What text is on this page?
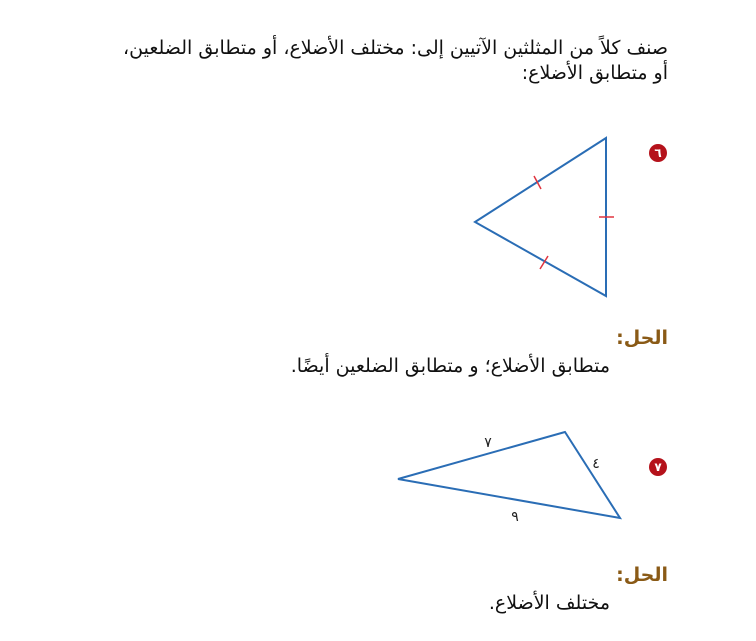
صنف كلاً من المثلثين الآتيين إلى: مختلف الأضلاع، أو متطابق الضلعين، أو متطابق الأضلاع:

٦
الحل:
متطابق الأضلاع؛ و متطابق الضلعين أيضًا.
٧
٧
٤
٩
الحل:
مختلف الأضلاع.
